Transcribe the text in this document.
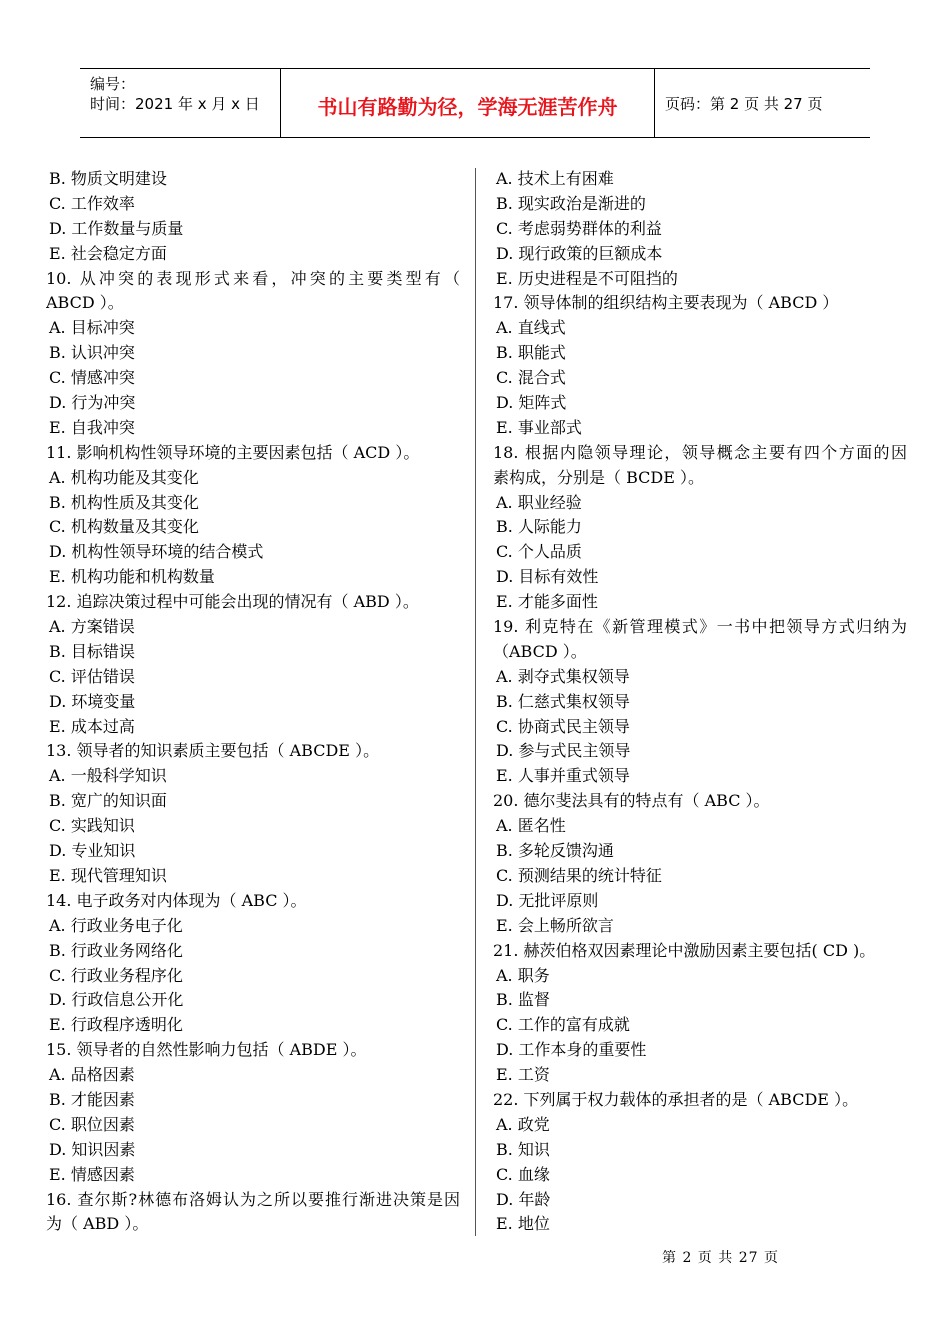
编号：
时间：2021 年 x 月 x 日	书山有路勤为径，学海无涯苦作舟	页码：第 2 页 共 27 页
B. 物质文明建设
C. 工作效率
D. 工作数量与质量
E. 社会稳定方面
10. 从冲突的表现形式来看，冲突的主要类型有（
ABCD ）。
A. 目标冲突
B. 认识冲突
C. 情感冲突
D. 行为冲突
E. 自我冲突
11. 影响机构性领导环境的主要因素包括（ ACD ）。
A. 机构功能及其变化
B. 机构性质及其变化
C. 机构数量及其变化
D. 机构性领导环境的结合模式
E. 机构功能和机构数量
12. 追踪决策过程中可能会出现的情况有（ ABD ）。
A. 方案错误
B. 目标错误
C. 评估错误
D. 环境变量
E. 成本过高
13. 领导者的知识素质主要包括（ ABCDE ）。
A. 一般科学知识
B. 宽广的知识面
C. 实践知识
D. 专业知识
E. 现代管理知识
14. 电子政务对内体现为（ ABC ）。
A. 行政业务电子化
B. 行政业务网络化
C. 行政业务程序化
D. 行政信息公开化
E. 行政程序透明化
15. 领导者的自然性影响力包括（ ABDE ）。
A. 品格因素
B. 才能因素
C. 职位因素
D. 知识因素
E. 情感因素
16. 查尔斯?林德布洛姆认为之所以要推行渐进决策是因
为（ ABD ）。
A. 技术上有困难
B. 现实政治是渐进的
C. 考虑弱势群体的利益
D. 现行政策的巨额成本
E. 历史进程是不可阻挡的
17. 领导体制的组织结构主要表现为（ ABCD ）
A. 直线式
B. 职能式
C. 混合式
D. 矩阵式
E. 事业部式
18. 根据内隐领导理论，领导概念主要有四个方面的因
素构成，分别是（ BCDE ）。
A. 职业经验
B. 人际能力
C. 个人品质
D. 目标有效性
E. 才能多面性
19. 利克特在《新管理模式》一书中把领导方式归纳为
（ABCD ）。
A. 剥夺式集权领导
B. 仁慈式集权领导
C. 协商式民主领导
D. 参与式民主领导
E. 人事并重式领导
20. 德尔斐法具有的特点有（ ABC ）。
A. 匿名性
B. 多轮反馈沟通
C. 预测结果的统计特征
D. 无批评原则
E. 会上畅所欲言
21. 赫茨伯格双因素理论中激励因素主要包括( CD )。
A. 职务
B. 监督
C. 工作的富有成就
D. 工作本身的重要性
E. 工资
22. 下列属于权力载体的承担者的是（ ABCDE ）。
A. 政党
B. 知识
C. 血缘
D. 年龄
E. 地位
第 2 页 共 27 页
